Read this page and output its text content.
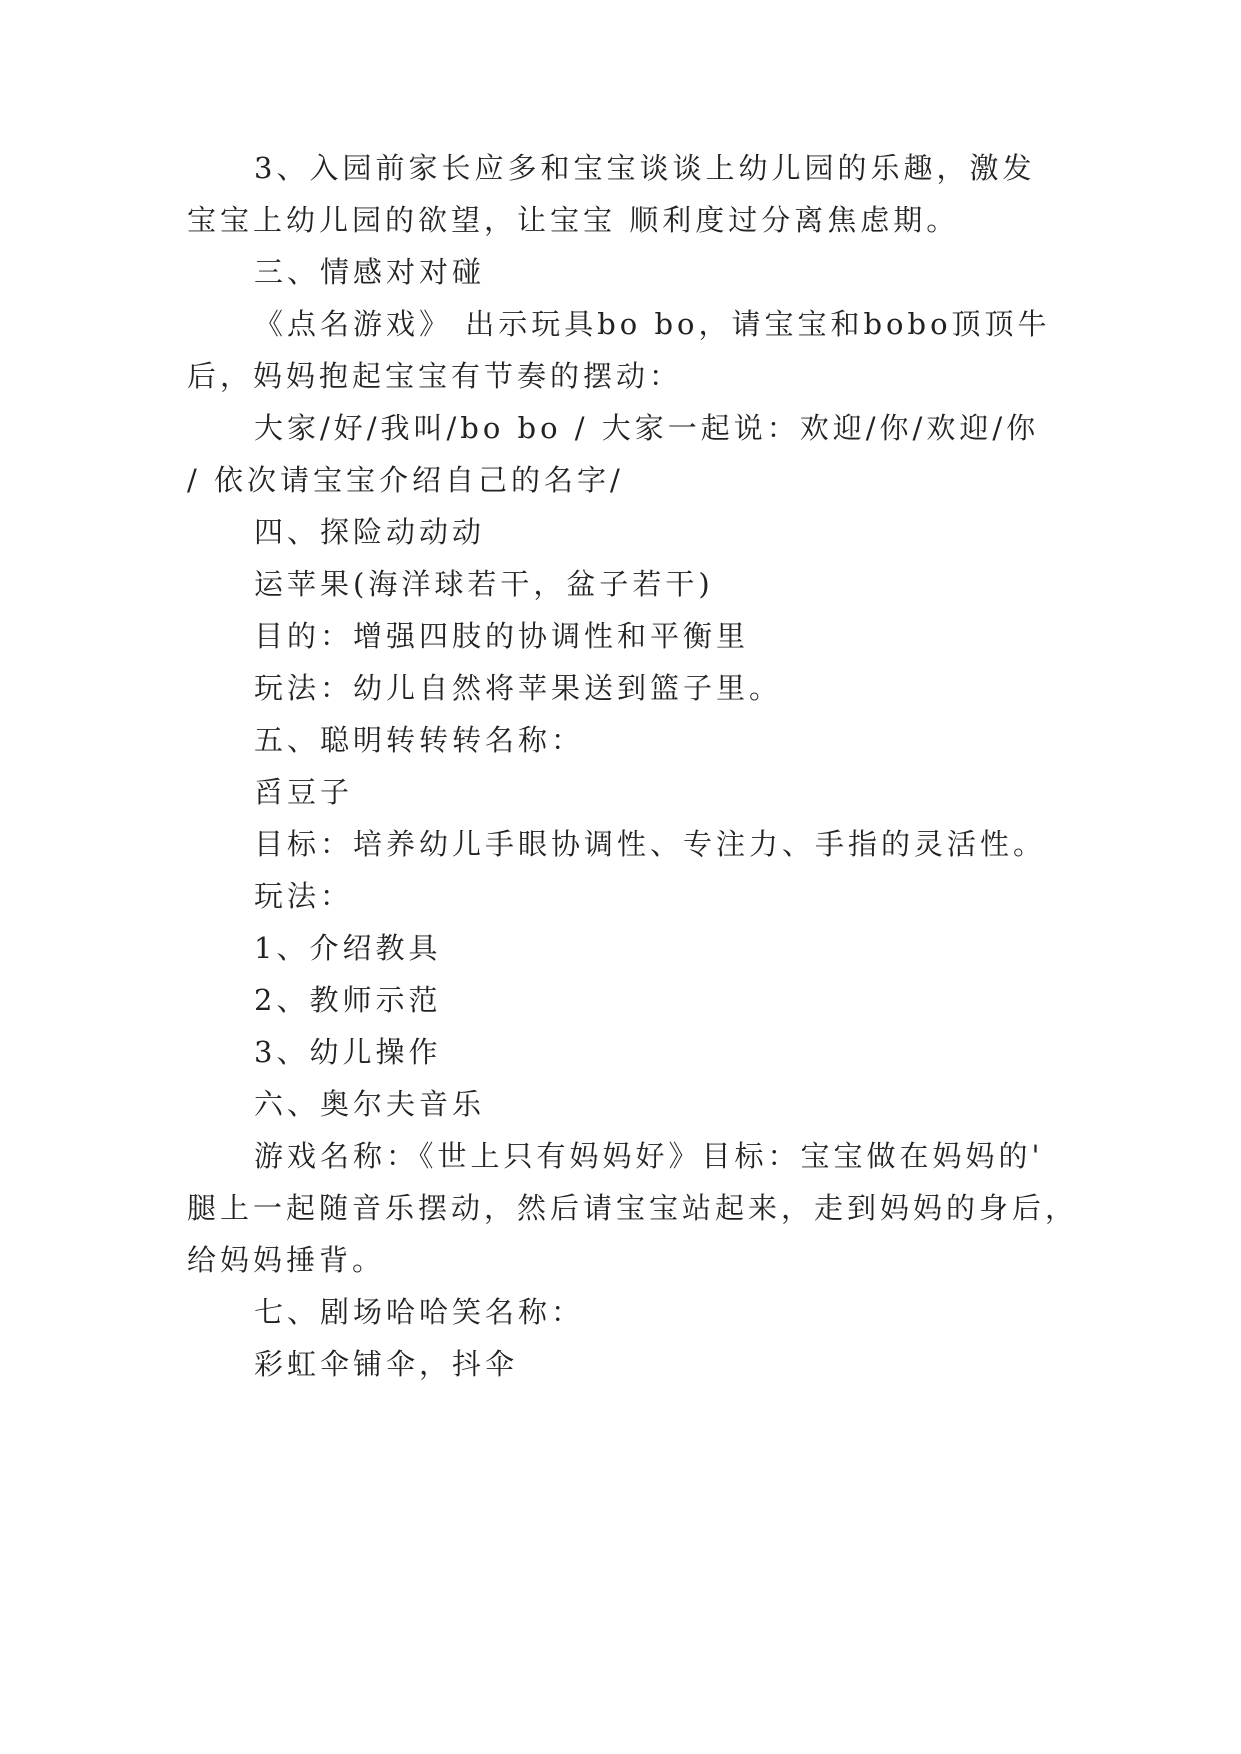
3、入园前家长应多和宝宝谈谈上幼儿园的乐趣，激发
宝宝上幼儿园的欲望，让宝宝 顺利度过分离焦虑期。
三、情感对对碰
《点名游戏》 出示玩具bo bo，请宝宝和bobo顶顶牛
后，妈妈抱起宝宝有节奏的摆动：
大家/好/我叫/bo bo / 大家一起说：欢迎/你/欢迎/你
/ 依次请宝宝介绍自己的名字/
四、探险动动动
运苹果(海洋球若干，盆子若干)
目的：增强四肢的协调性和平衡里
玩法：幼儿自然将苹果送到篮子里。
五、聪明转转转名称：
舀豆子
目标：培养幼儿手眼协调性、专注力、手指的灵活性。
玩法：
1、介绍教具
2、教师示范
3、幼儿操作
六、奥尔夫音乐
游戏名称：《世上只有妈妈好》目标：宝宝做在妈妈的'
腿上一起随音乐摆动，然后请宝宝站起来，走到妈妈的身后，
给妈妈捶背。
七、剧场哈哈笑名称：
彩虹伞铺伞，抖伞
